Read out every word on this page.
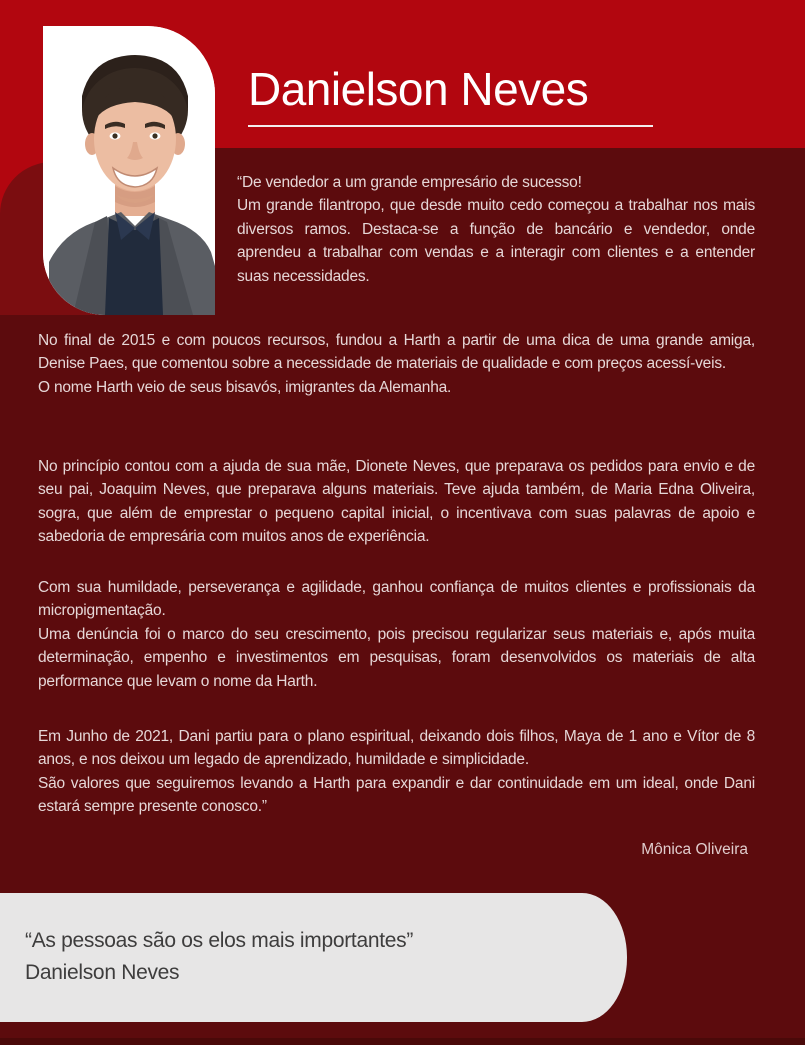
Danielson Neves
“De vendedor a um grande empresário de sucesso!
Um grande filantropo, que desde muito cedo começou a trabalhar nos mais diversos ramos. Destaca-se a função de bancário e vendedor, onde aprendeu a trabalhar com vendas e a interagir com clientes e a entender suas necessidades.
No final de 2015 e com poucos recursos, fundou a Harth a partir de uma dica de uma grande amiga, Denise Paes, que comentou sobre a necessidade de materiais de qualidade e com preços acessí-veis.
O nome Harth veio de seus bisavós, imigrantes da Alemanha.
No princípio contou com a ajuda de sua mãe, Dionete Neves, que preparava os pedidos para envio e de seu pai, Joaquim Neves, que preparava alguns materiais. Teve ajuda também, de Maria Edna Oliveira, sogra, que além de emprestar o pequeno capital inicial, o incentivava com suas palavras de apoio e sabedoria de empresária com muitos anos de experiência.
Com sua humildade, perseverança e agilidade, ganhou confiança de muitos clientes e profissionais da micropigmentação.
Uma denúncia foi o marco do seu crescimento, pois precisou regularizar seus materiais e, após muita determinação, empenho e investimentos em pesquisas, foram desenvolvidos os materiais de alta performance que levam o nome da Harth.
Em Junho de 2021, Dani partiu para o plano espiritual, deixando dois filhos, Maya de 1 ano e Vítor de 8 anos, e nos deixou um legado de aprendizado, humildade e simplicidade.
São valores que seguiremos levando a Harth para expandir e dar continuidade em um ideal, onde Dani estará sempre presente conosco.”
Mônica Oliveira
“As pessoas são os elos mais importantes”
Danielson Neves
